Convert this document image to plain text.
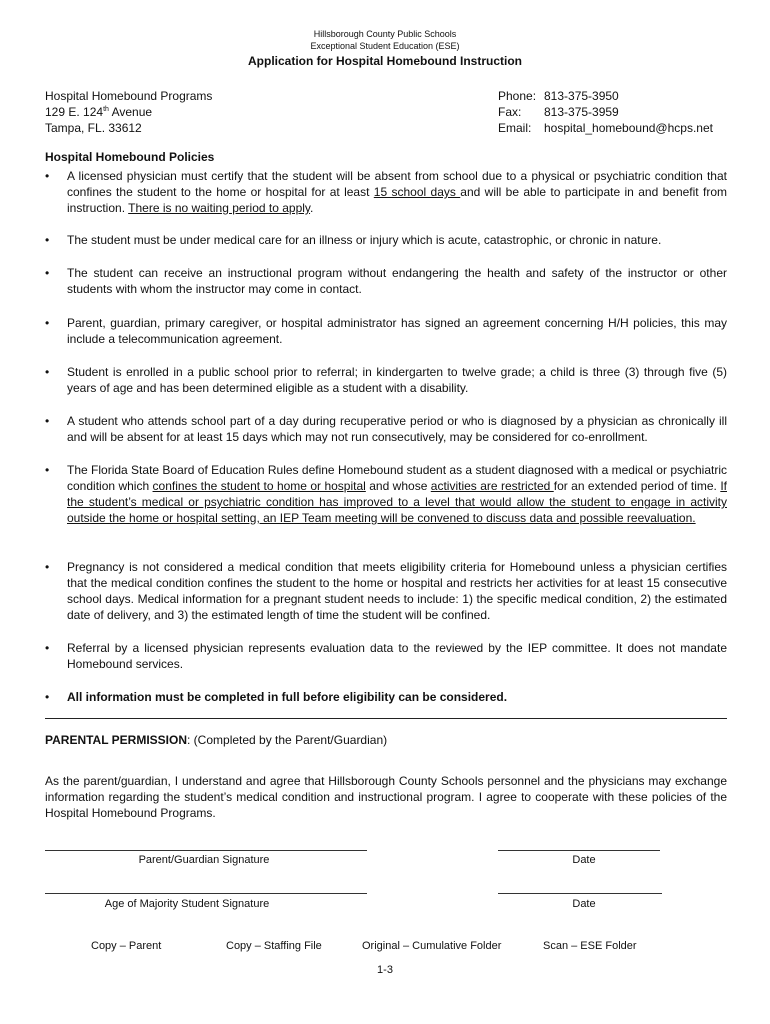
Hillsborough County Public Schools
Exceptional Student Education (ESE)
Application for Hospital Homebound Instruction
Hospital Homebound Programs
129 E. 124th Avenue
Tampa, FL. 33612
Phone: 813-375-3950
Fax: 813-375-3959
Email: hospital_homebound@hcps.net
Hospital Homebound Policies
•	A licensed physician must certify that the student will be absent from school due to a physical or psychiatric condition that confines the student to the home or hospital for at least 15 school days and will be able to participate in and benefit from instruction. There is no waiting period to apply.
•	The student must be under medical care for an illness or injury which is acute, catastrophic, or chronic in nature.
•	The student can receive an instructional program without endangering the health and safety of the instructor or other students with whom the instructor may come in contact.
•	Parent, guardian, primary caregiver, or hospital administrator has signed an agreement concerning H/H policies, this may include a telecommunication agreement.
•	Student is enrolled in a public school prior to referral; in kindergarten to twelve grade; a child is three (3) through five (5) years of age and has been determined eligible as a student with a disability.
•	A student who attends school part of a day during recuperative period or who is diagnosed by a physician as chronically ill and will be absent for at least 15 days which may not run consecutively, may be considered for co-enrollment.
•	The Florida State Board of Education Rules define Homebound student as a student diagnosed with a medical or psychiatric condition which confines the student to home or hospital and whose activities are restricted for an extended period of time. If the student’s medical or psychiatric condition has improved to a level that would allow the student to engage in activity outside the home or hospital setting, an IEP Team meeting will be convened to discuss data and possible reevaluation.
•	Pregnancy is not considered a medical condition that meets eligibility criteria for Homebound unless a physician certifies that the medical condition confines the student to the home or hospital and restricts her activities for at least 15 consecutive school days. Medical information for a pregnant student needs to include: 1) the specific medical condition, 2) the estimated date of delivery, and 3) the estimated length of time the student will be confined.
•	Referral by a licensed physician represents evaluation data to the reviewed by the IEP committee. It does not mandate Homebound services.
•	All information must be completed in full before eligibility can be considered.
PARENTAL PERMISSION: (Completed by the Parent/Guardian)
As the parent/guardian, I understand and agree that Hillsborough County Schools personnel and the physicians may exchange information regarding the student’s medical condition and instructional program. I agree to cooperate with these policies of the Hospital Homebound Programs.
Parent/Guardian Signature	Date
Age of Majority Student Signature	Date
Copy – Parent	Copy – Staffing File	Original – Cumulative Folder	Scan – ESE Folder
1-3
